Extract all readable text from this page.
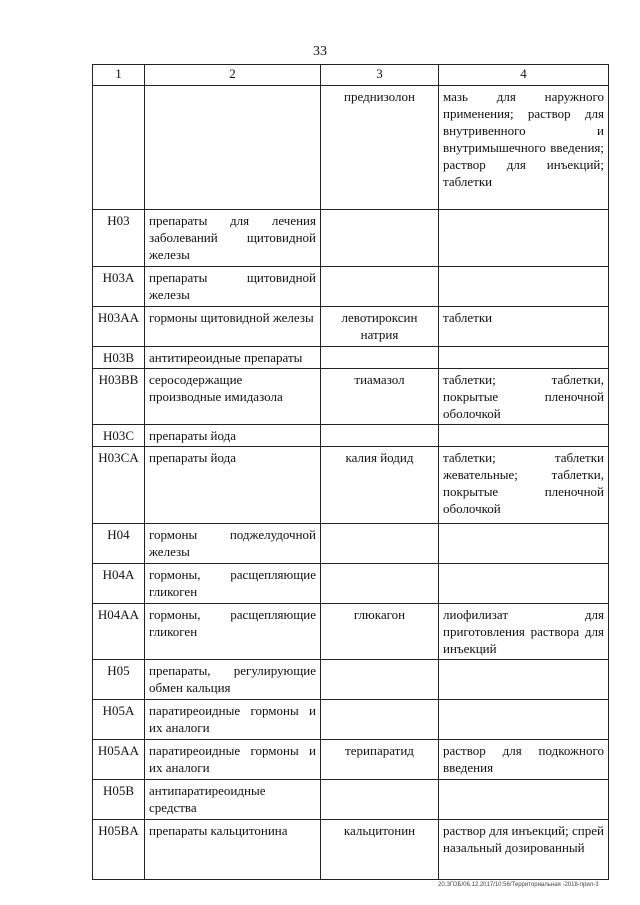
33
1	2	3	4
		преднизолон	мазь для наружного применения; раствор для внутривенного и внутримышечного введения; раствор для инъекций; таблетки
H03	препараты для лечения заболеваний щитовидной железы		
H03A	препараты щитовидной железы		
H03AA	гормоны щитовидной железы	левотироксин натрия	таблетки
H03B	антитиреоидные препараты		
H03BB	серосодержащие производные имидазола	тиамазол	таблетки; таблетки, покрытые пленочной оболочкой
H03C	препараты йода		
H03CA	препараты йода	калия йодид	таблетки; таблетки жевательные; таблетки, покрытые пленочной оболочкой
H04	гормоны поджелудочной железы		
H04A	гормоны, расщепляющие гликоген		
H04AA	гормоны, расщепляющие гликоген	глюкагон	лиофилизат для приготовления раствора для инъекций
H05	препараты, регулирующие обмен кальция		
H05A	паратиреоидные гормоны и их аналоги		
H05AA	паратиреоидные гормоны и их аналоги	терипаратид	раствор для подкожного введения
H05B	антипаратиреоидные средства		
H05BA	препараты кальцитонина	кальцитонин	раствор для инъекций; спрей назальный дозированный
20.ЗГОБ/06.12.2017/10:56/Территориальная -2018-прил-3
